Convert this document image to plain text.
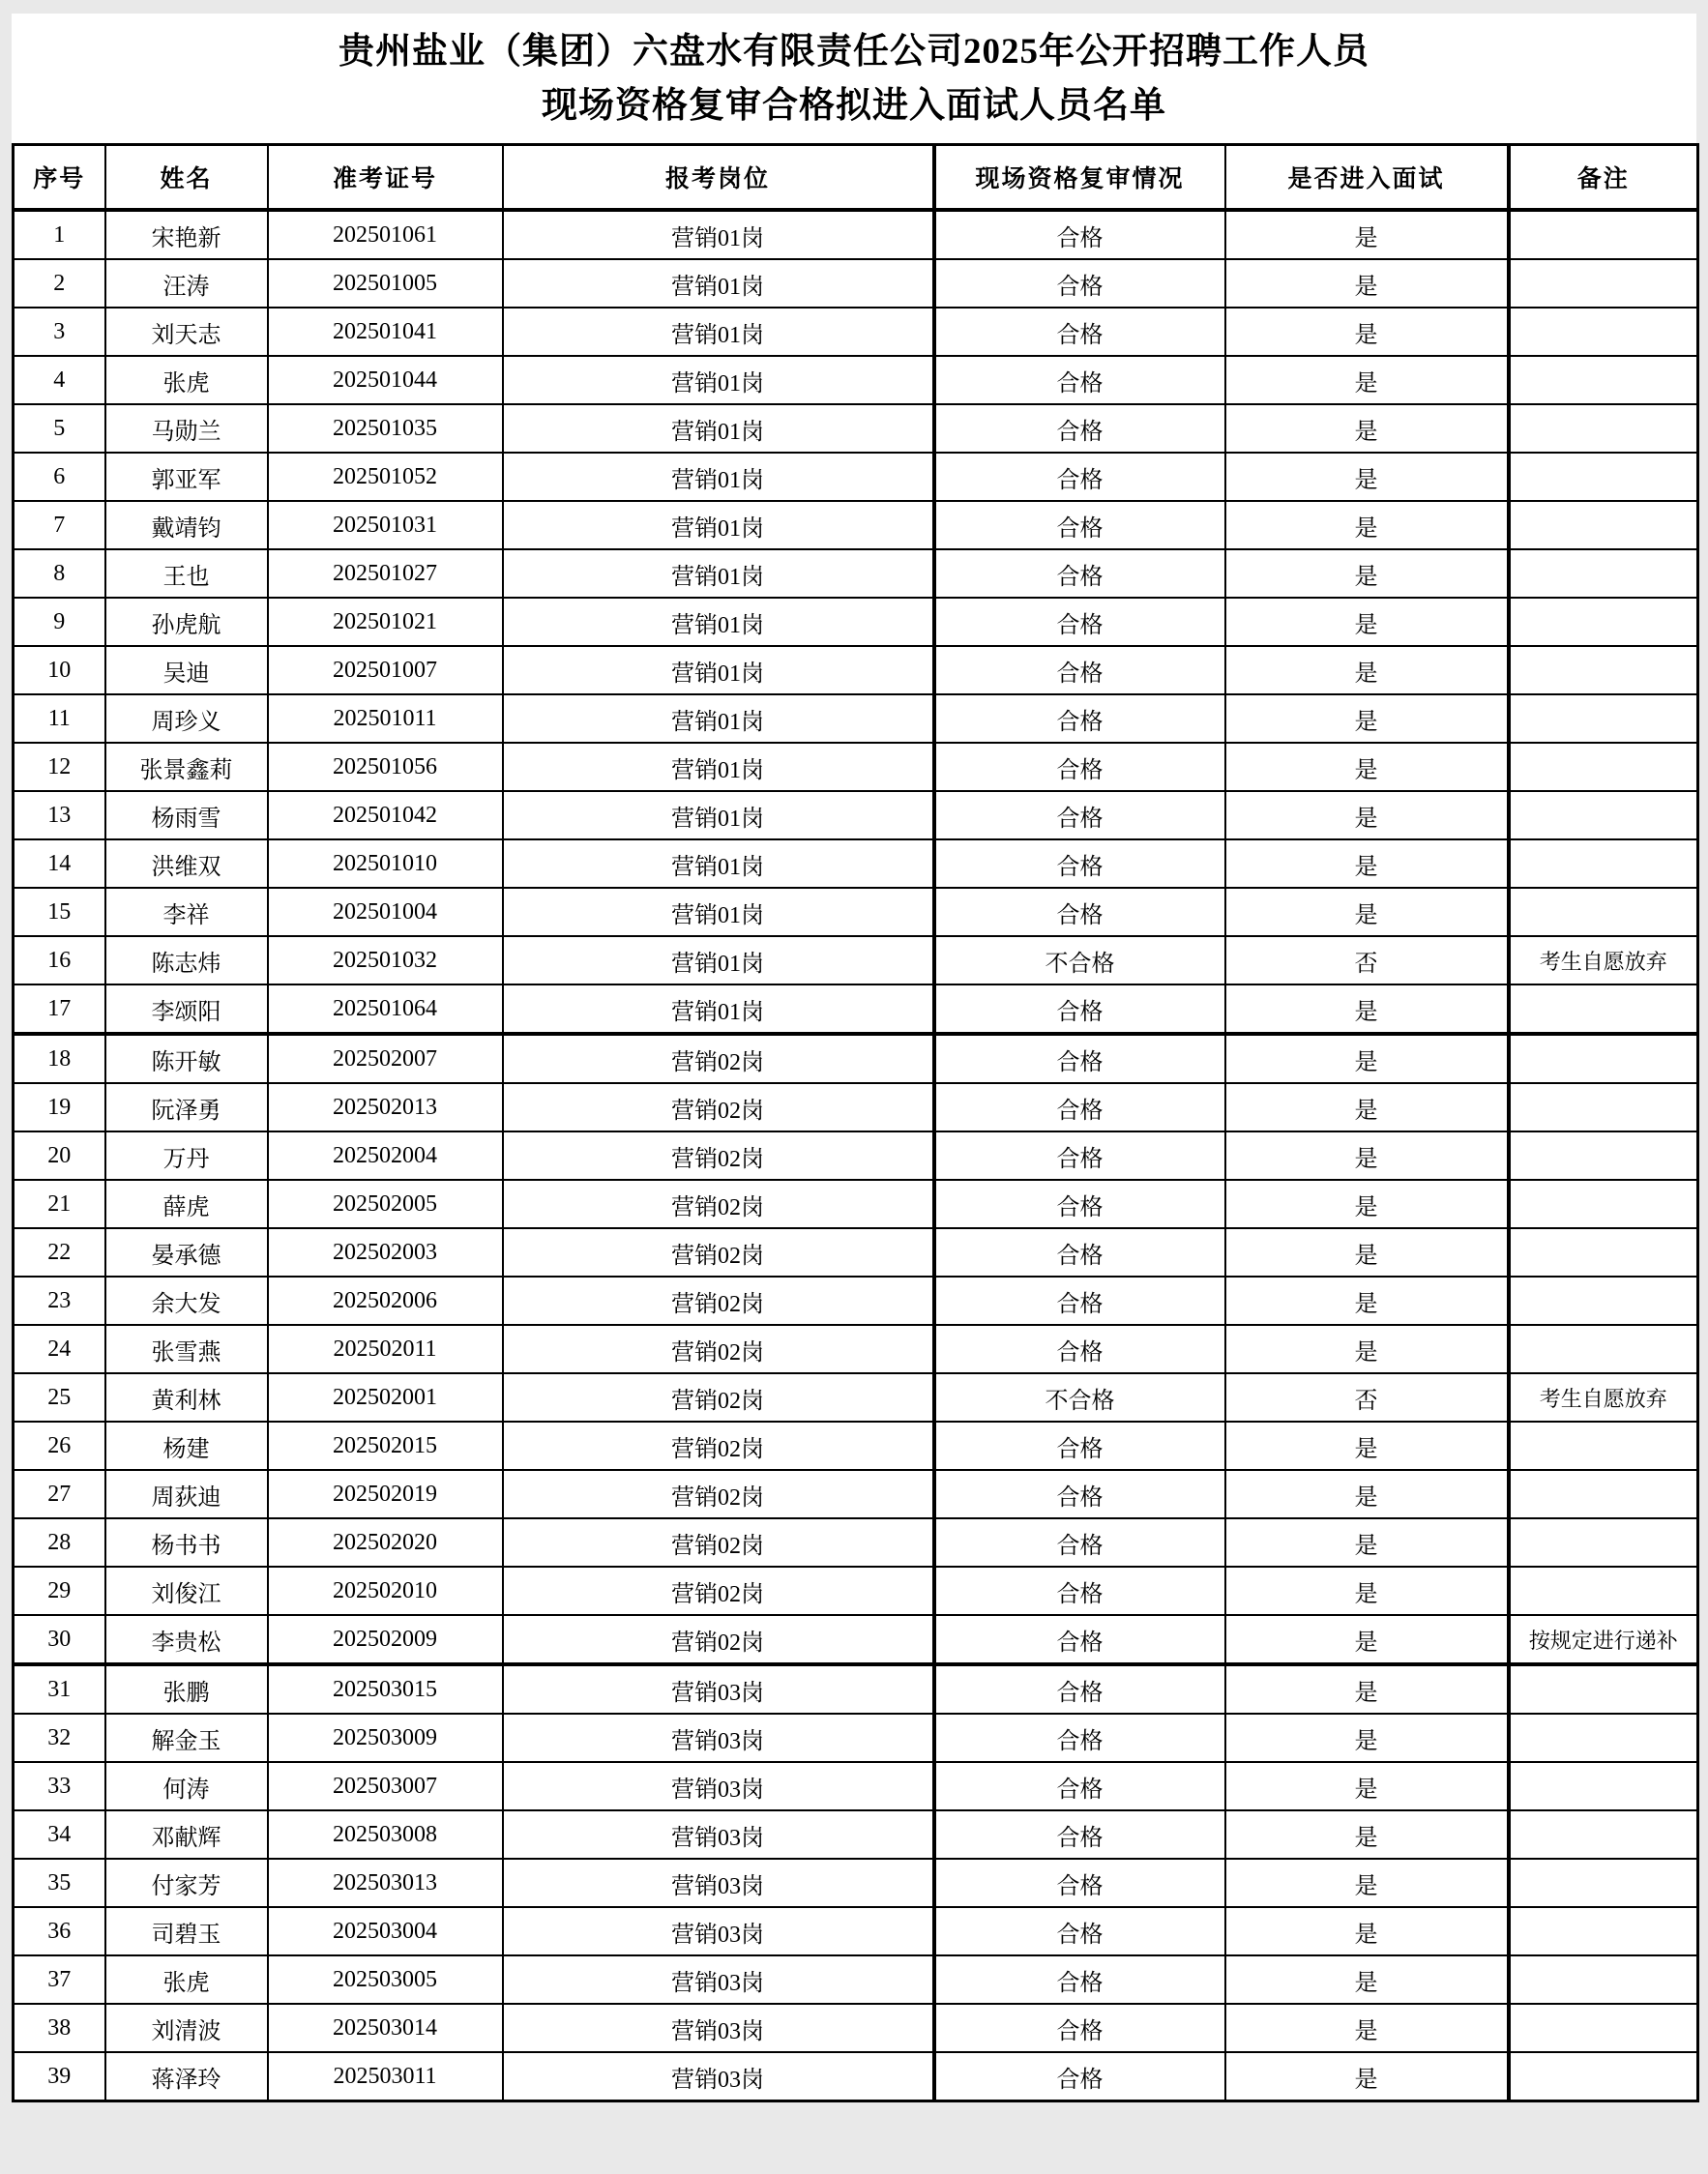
贵州盐业（集团）六盘水有限责任公司2025年公开招聘工作人员
现场资格复审合格拟进入面试人员名单
序号	姓名	准考证号	报考岗位	现场资格复审情况	是否进入面试	备注
1	宋艳新	202501061	营销01岗	合格	是	
2	汪涛	202501005	营销01岗	合格	是	
3	刘天志	202501041	营销01岗	合格	是	
4	张虎	202501044	营销01岗	合格	是	
5	马勋兰	202501035	营销01岗	合格	是	
6	郭亚军	202501052	营销01岗	合格	是	
7	戴靖钧	202501031	营销01岗	合格	是	
8	王也	202501027	营销01岗	合格	是	
9	孙虎航	202501021	营销01岗	合格	是	
10	吴迪	202501007	营销01岗	合格	是	
11	周珍义	202501011	营销01岗	合格	是	
12	张景鑫莉	202501056	营销01岗	合格	是	
13	杨雨雪	202501042	营销01岗	合格	是	
14	洪维双	202501010	营销01岗	合格	是	
15	李祥	202501004	营销01岗	合格	是	
16	陈志炜	202501032	营销01岗	不合格	否	考生自愿放弃
17	李颂阳	202501064	营销01岗	合格	是	
18	陈开敏	202502007	营销02岗	合格	是	
19	阮泽勇	202502013	营销02岗	合格	是	
20	万丹	202502004	营销02岗	合格	是	
21	薛虎	202502005	营销02岗	合格	是	
22	晏承德	202502003	营销02岗	合格	是	
23	余大发	202502006	营销02岗	合格	是	
24	张雪燕	202502011	营销02岗	合格	是	
25	黄利林	202502001	营销02岗	不合格	否	考生自愿放弃
26	杨建	202502015	营销02岗	合格	是	
27	周荻迪	202502019	营销02岗	合格	是	
28	杨书书	202502020	营销02岗	合格	是	
29	刘俊江	202502010	营销02岗	合格	是	
30	李贵松	202502009	营销02岗	合格	是	按规定进行递补
31	张鹏	202503015	营销03岗	合格	是	
32	解金玉	202503009	营销03岗	合格	是	
33	何涛	202503007	营销03岗	合格	是	
34	邓献辉	202503008	营销03岗	合格	是	
35	付家芳	202503013	营销03岗	合格	是	
36	司碧玉	202503004	营销03岗	合格	是	
37	张虎	202503005	营销03岗	合格	是	
38	刘清波	202503014	营销03岗	合格	是	
39	蒋泽玲	202503011	营销03岗	合格	是	
